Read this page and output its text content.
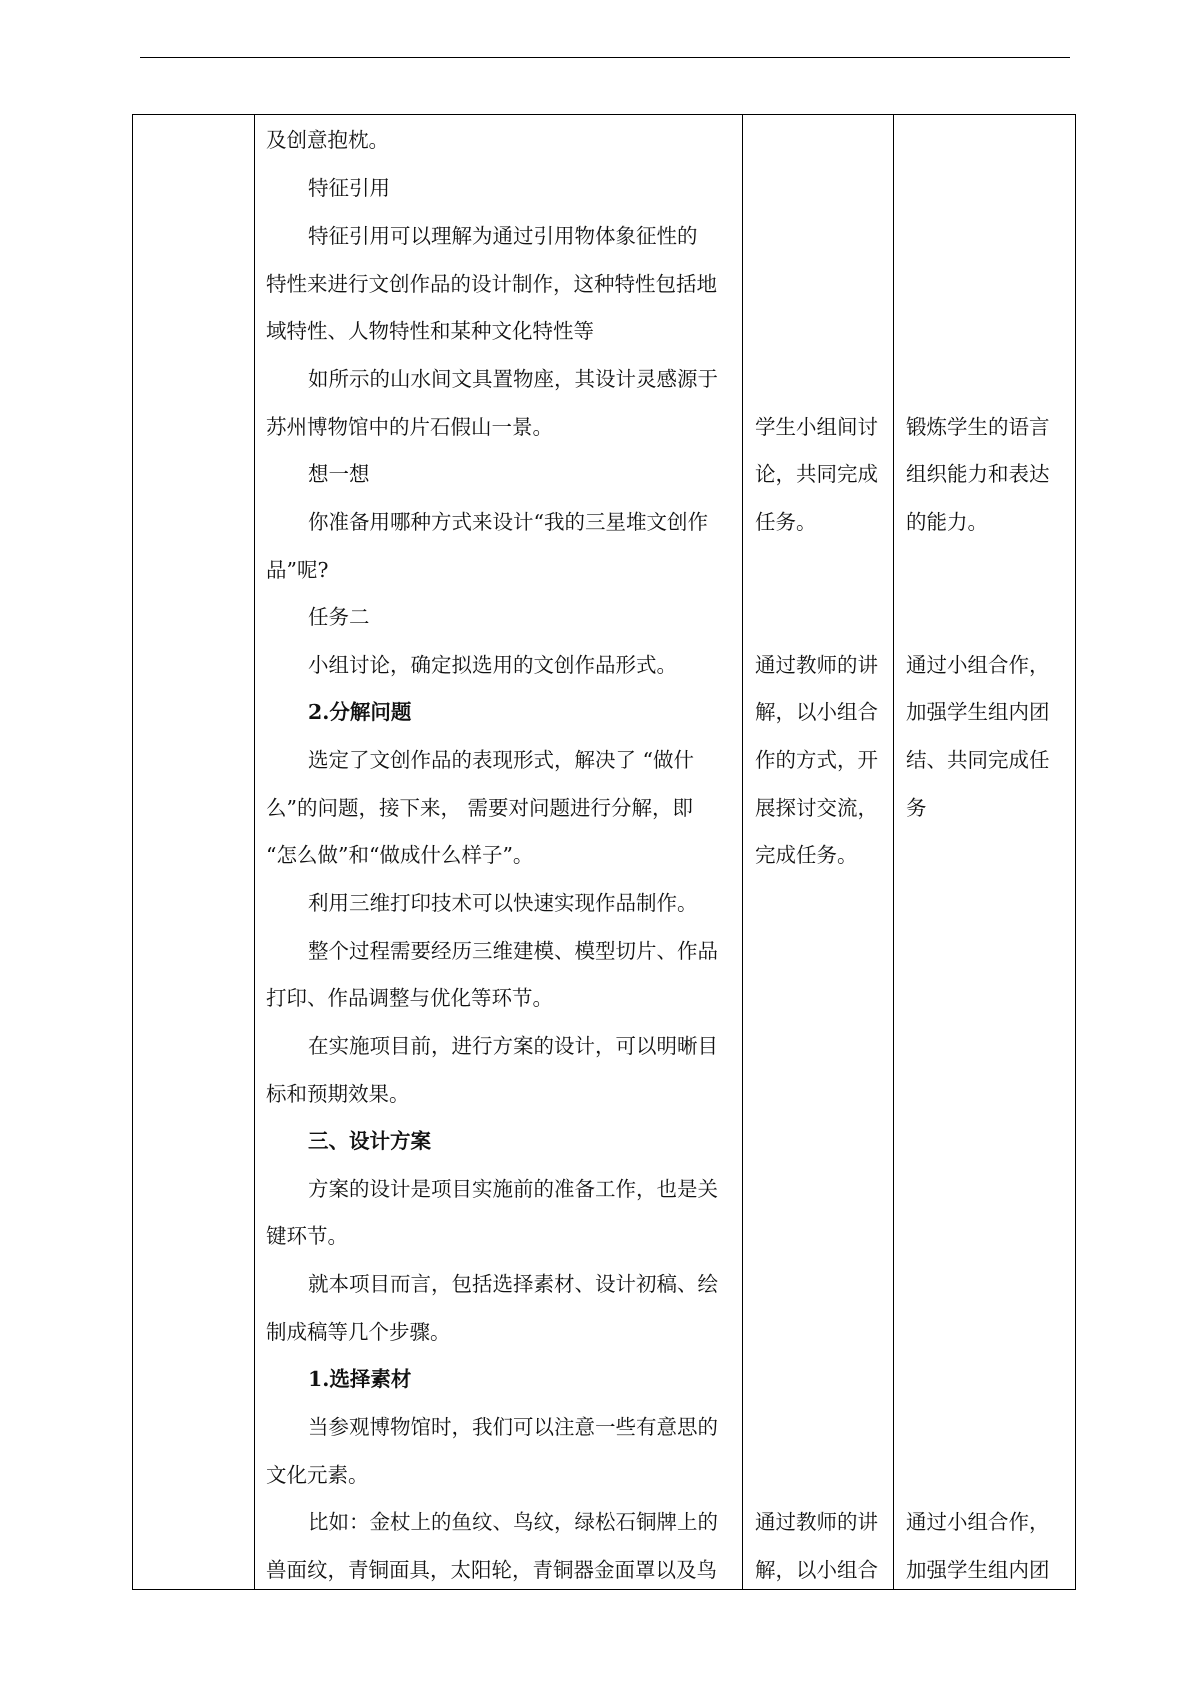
及创意抱枕。
特征引用
特征引用可以理解为通过引用物体象征性的
特性来进行文创作品的设计制作，这种特性包括地
域特性、人物特性和某种文化特性等
如所示的山水间文具置物座，其设计灵感源于
苏州博物馆中的片石假山一景。
想一想
你准备用哪种方式来设计“我的三星堆文创作
品”呢?
任务二
小组讨论，确定拟选用的文创作品形式。
2.分解问题
选定了文创作品的表现形式，解决了 “做什
么”的问题，接下来， 需要对问题进行分解，即
“怎么做”和“做成什么样子”。
利用三维打印技术可以快速实现作品制作。
整个过程需要经历三维建模、模型切片、作品
打印、作品调整与优化等环节。
在实施项目前，进行方案的设计，可以明晰目
标和预期效果。
三、设计方案
方案的设计是项目实施前的准备工作，也是关
键环节。
就本项目而言，包括选择素材、设计初稿、绘
制成稿等几个步骤。
1.选择素材
当参观博物馆时，我们可以注意一些有意思的
文化元素。
比如：金杖上的鱼纹、鸟纹，绿松石铜牌上的
兽面纹，青铜面具，太阳轮，青铜器金面罩以及鸟
学生小组间讨
论，共同完成
任务。
通过教师的讲
解，以小组合
作的方式，开
展探讨交流，
完成任务。
通过教师的讲
解，以小组合
锻炼学生的语言
组织能力和表达
的能力。
通过小组合作，
加强学生组内团
结、共同完成任
务
通过小组合作，
加强学生组内团
